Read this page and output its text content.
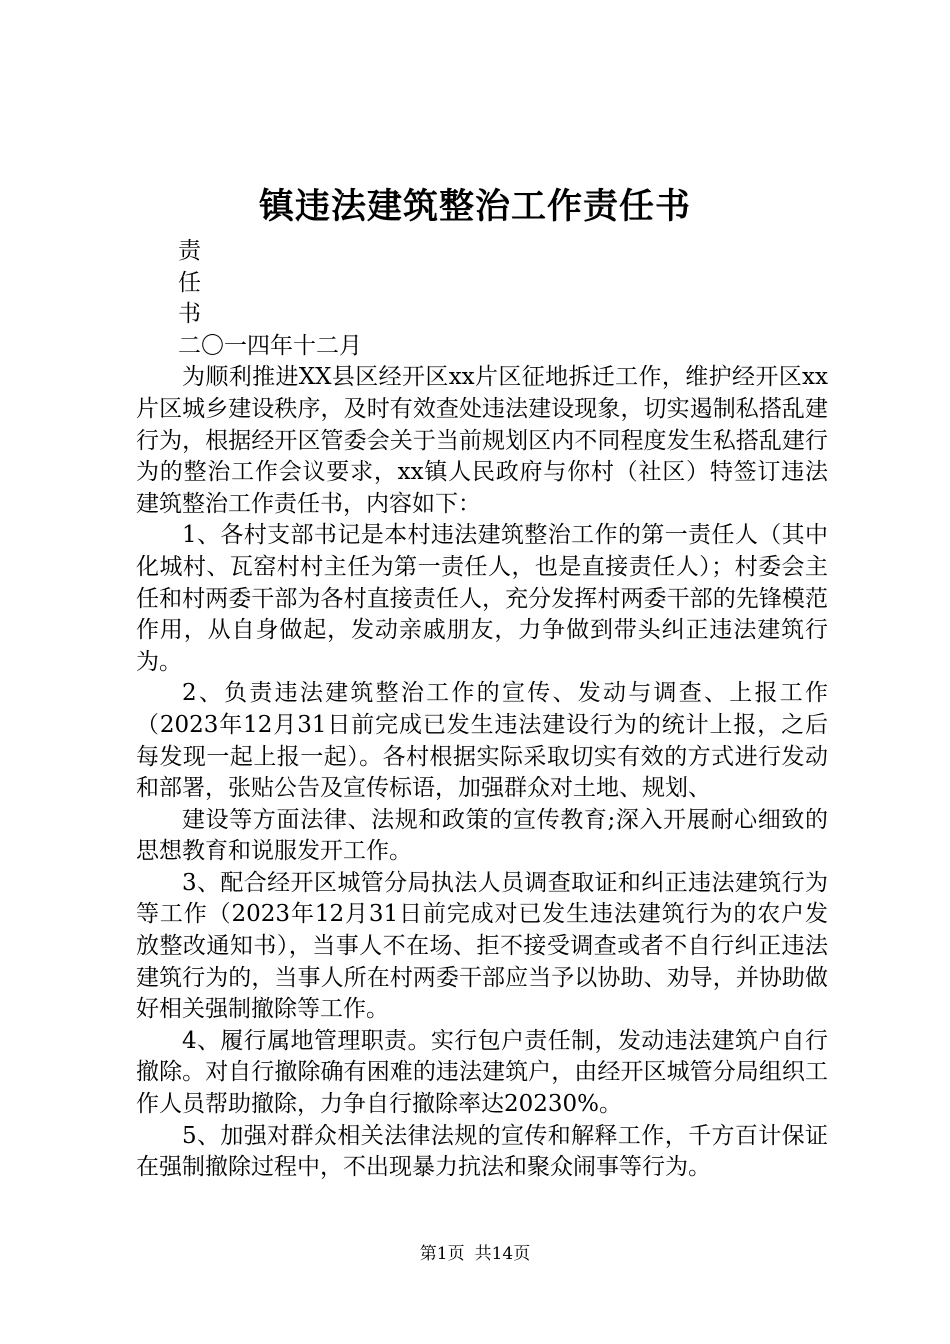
镇违法建筑整治工作责任书

责

任

书

二〇一四年十二月

为顺利推进XX县区经开区xx片区征地拆迁工作，维护经开区xx片区城乡建设秩序，及时有效查处违法建设现象，切实遏制私搭乱建行为，根据经开区管委会关于当前规划区内不同程度发生私搭乱建行为的整治工作会议要求，xx镇人民政府与你村（社区）特签订违法建筑整治工作责任书，内容如下：

1、各村支部书记是本村违法建筑整治工作的第一责任人（其中化城村、瓦窑村村主任为第一责任人，也是直接责任人）；村委会主任和村两委干部为各村直接责任人，充分发挥村两委干部的先锋模范作用，从自身做起，发动亲戚朋友，力争做到带头纠正违法建筑行为。

2、负责违法建筑整治工作的宣传、发动与调查、上报工作（2023年12月31日前完成已发生违法建设行为的统计上报，之后每发现一起上报一起）。各村根据实际采取切实有效的方式进行发动和部署，张贴公告及宣传标语，加强群众对土地、规划、

建设等方面法律、法规和政策的宣传教育;深入开展耐心细致的思想教育和说服发开工作。

3、配合经开区城管分局执法人员调查取证和纠正违法建筑行为等工作（2023年12月31日前完成对已发生违法建筑行为的农户发放整改通知书），当事人不在场、拒不接受调查或者不自行纠正违法建筑行为的，当事人所在村两委干部应当予以协助、劝导，并协助做好相关强制撤除等工作。

4、履行属地管理职责。实行包户责任制，发动违法建筑户自行撤除。对自行撤除确有困难的违法建筑户，由经开区城管分局组织工作人员帮助撤除，力争自行撤除率达20230%。

5、加强对群众相关法律法规的宣传和解释工作，千方百计保证在强制撤除过程中，不出现暴力抗法和聚众闹事等行为。

第1页 共14页
